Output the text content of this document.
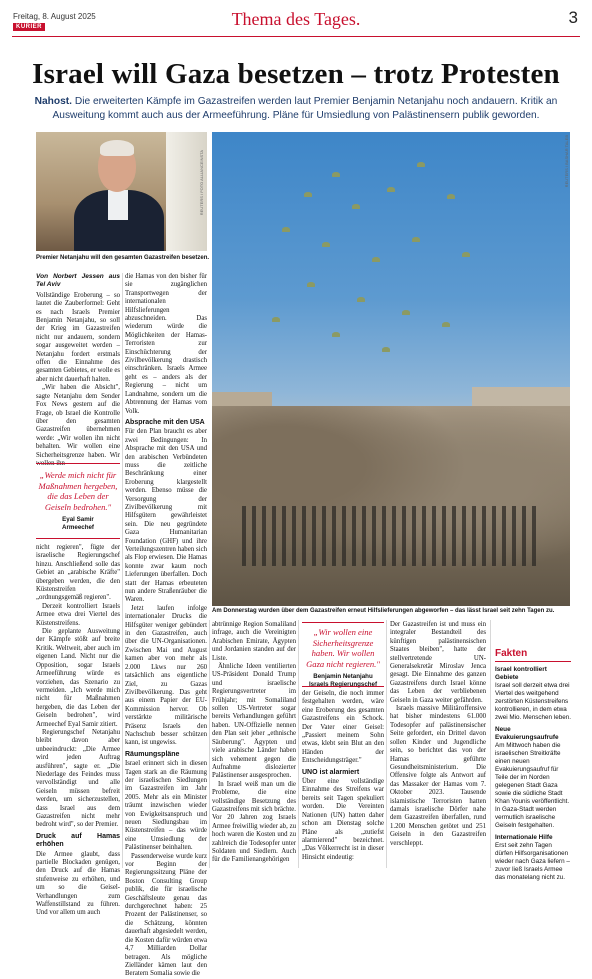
Freitag, 8. August 2025
KURIER	Thema des Tages.	3
Israel will Gaza besetzen – trotz Protesten
Nahost. Die erweiterten Kämpfe im Gazastreifen werden laut Premier Benjamin Netanjahu noch andauern. Kritik an Ausweitung kommt auch aus der Armeeführung. Pläne für Umsiedlung von Palästinensern publik geworden.
REUTERS / FOTO ALLIANCEINSTA
Premier Netanjahu will den gesamten Gazastreifen besetzen.
REUTERS / BASHAR TALEB
Am Donnerstag wurden über dem Gazastreifen erneut Hilfslieferungen abgeworfen – das lässt Israel seit zehn Tagen zu.
Von Norbert Jessen aus Tel Aviv

Vollständige Eroberung – so lautet die Zauberformel: Geht es nach Israels Premier Benjamin Netanjahu, so soll der Krieg im Gazastreifen nicht nur andauern, sondern sogar ausgeweitet werden – Netanjahu fordert erstmals offen die Einnahme des gesamten Gebietes, er wolle es aber nicht dauerhaft halten.

„Wir haben die Absicht", sagte Netanjahu dem Sender Fox News gestern auf die Frage, ob Israel die Kontrolle über den gesamten Gazastreifen übernehmen werde: „Wir wollen ihn nicht behalten. Wir wollen eine Sicherheitsgrenze haben. Wir wollen ihn

„Werde mich nicht für Maßnahmen hergeben, die das Leben der Geiseln bedrohen."
Eyal Samir
Armeechef

nicht regieren", fügte der israelische Regierungschef hinzu. Anschließend solle das Gebiet an „arabische Kräfte" übergeben werden, die den Küstenstreifen „ordnungsgemäß regieren".

Derzeit kontrolliert Israels Armee etwa drei Viertel des Küstenstreifens.

Die geplante Ausweitung der Kämpfe stößt auf breite Kritik. Weltweit, aber auch im eigenen Land. Nicht nur die Opposition, sogar Israels Armeeführung würde es vorziehen, das Szenario zu vermeiden. „Ich werde mich nicht für Maßnahmen hergeben, die das Leben der Geiseln bedrohen", wird Armeechef Eyal Samir zitiert.

Regierungschef Netanjahu bleibt davon aber unbeeindruckt: „Die Armee wird jeden Auftrag ausführen", sagte er. „Die Niederlage des Feindes muss vervollständigt und alle Geiseln müssen befreit werden, um sicherzustellen, dass Israel aus dem Gazastreifen nicht mehr bedroht wird", so der Premier.

Druck auf Hamas erhöhen

Die Armee glaubt, dass partielle Blockaden genügen, den Druck auf die Hamas stufenweise zu erhöhen, und um so die Geisel-Verhandlungen zum Waffenstillstand zu führen. Und vor allem um auch

die Hamas von den bisher für sie zugänglichen Transportwegen der internationalen Hilfslieferungen abzuschneiden. Das wiederum würde die Möglichkeiten der Hamas-Terroristen zur Einschüchterung der Zivilbevölkerung drastisch einschränken. Israels Armee geht es – anders als der Regierung – nicht um Landnahme, sondern um die Abtrennung der Hamas vom Volk.

Absprache mit den USA

Für den Plan braucht es aber zwei Bedingungen: In Absprache mit den USA und den arabischen Verbündeten muss die zeitliche Beschränkung einer Eroberung klargestellt werden. Ebenso müsse die Versorgung der Zivilbevölkerung mit Hilfsgütern gewährleistet sein. Die neu gegründete Gaza Humanitarian Foundation (GHF) und ihre Verteilungszentren haben sich als Flop erwiesen. Die Hamas konnte zwar kaum noch Lieferungen überfallen. Doch statt der Hamas erbeuteten nun andere Straßenräuber die Waren.

Jetzt laufen infolge internationaler Drucks die Hilfsgüter weniger gebündert in den Gazastreifen, auch über die UN-Organisationen. Zwischen Mai und August kamen aber von mehr als 2.000 Lkws nur 260 tatsächlich ans eigentliche Ziel, zu Gazas Zivilbevölkerung. Das geht aus einem Papier der EU-Kommission hervor. Ob verstärkte militärische Präsenz Israels den Nachschub besser schützen kann, ist ungewiss.

Räumungspläne

Israel erinnert sich in diesen Tagen stark an die Räumung der israelischen Siedlungen im Gazastreifen im Jahr 2005. Mehr als ein Minister träumt inzwischen wieder von Ewigkeitsanspruch und neuen Siedlungsbau im Küstenstreifen – das würde eine Umsiedlung der Palästinenser beinhalten.

Passenderweise wurde kurz vor Beginn der Regierungssitzung Pläne der Boston Consulting Group publik, die für israelische Geschäftsleute genau das durchgerechnet haben: 25 Prozent der Palästinenser, so die Schätzung, könnten dauerhaft abgesiedelt werden, die Kosten dafür würden etwa 4,7 Milliarden Dollar betragen. Als mögliche Zielländer kämen laut den Beratern Somalia sowie die

abtrünnige Region Somaliland infrage, auch die Vereinigten Arabischen Emirate, Ägypten und Jordanien standen auf der Liste.

Ähnliche Ideen ventilierten US-Präsident Donald Trump und israelische Regierungsvertreter im Frühjahr; mit Somaliland sollen US-Vertreter sogar bereits Verhandlungen geführt haben. UN-Offizielle nennen den Plan seit jeher „ethnische Säuberung". Ägypten und viele arabische Länder haben sich vehement gegen die Aufnahme dislozierter Palästinenser ausgesprochen.

In Israel weiß man um die Probleme, die eine vollständige Besetzung des Gazastreifens mit sich brächte. Vor 20 Jahren zog Israels Armee freiwillig wieder ab, zu hoch waren die Kosten und zu zahlreich die Todesopfer unter Soldaten und Siedlern. Auch für die Familienangehörigen

„Wir wollen eine Sicherheitsgrenze haben. Wir wollen Gaza nicht regieren."
Benjamin Netanjahu
Israels Regierungschef

der Geiseln, die noch immer festgehalten werden, wäre eine Eroberung des gesamten Gazastreifens ein Schock. Der Vater einer Geisel: „Passiert meinem Sohn etwas, klebt sein Blut an den Händen der Entscheidungsträger."

UNO ist alarmiert

Über eine vollständige Einnahme des Streifens war bereits seit Tagen spekuliert worden. Die Vereinten Nationen (UN) hatten daher schon am Dienstag solche Pläne als „zutiefst alarmierend" bezeichnet. „Das Völkerrecht ist in dieser Hinsicht eindeutig:

Der Gazastreifen ist und muss ein integraler Bestandteil des künftigen palästinensischen Staates bleiben", hatte der stellvertretende UN-Generalsekretär Miroslav Jenca gesagt. Die Einnahme des ganzen Gazastreifens durch Israel könne das Leben der verbliebenen Geiseln in Gaza weiter gefährden.

Israels massive Militäroffensive hat bisher mindestens 61.000 Todesopfer auf palästinensischer Seite gefordert, ein Drittel davon sollen Kinder und Jugendliche sein, so berichtet das von der Hamas geführte Gesundheitsministerium. Die Offensive folgte als Antwort auf das Massaker der Hamas vom 7. Oktober 2023. Tausende islamistische Terroristen hatten damals israelische Dörfer nahe dem Gazastreifen überfallen, rund 1.200 Menschen getötet und 251 Geiseln in den Gazastreifen verschleppt.

Fakten
Israel kontrolliert Gebiete
Israel soll derzeit etwa drei Viertel des weitgehend zerstörten Küstenstreifens kontrollieren, in dem etwa zwei Mio. Menschen leben.
Neue Evakuierungsaufrufe
Am Mittwoch haben die israelischen Streitkräfte einen neuen Evakuierungsaufruf für Teile der im Norden gelegenen Stadt Gaza sowie die südliche Stadt Khan Younis veröffentlicht. In Gaza-Stadt werden vermutlich israelische Geiseln festgehalten.
Internationale Hilfe
Erst seit zehn Tagen dürfen Hilfsorganisationen wieder nach Gaza liefern – zuvor ließ Israels Armee das monatelang nicht zu.
